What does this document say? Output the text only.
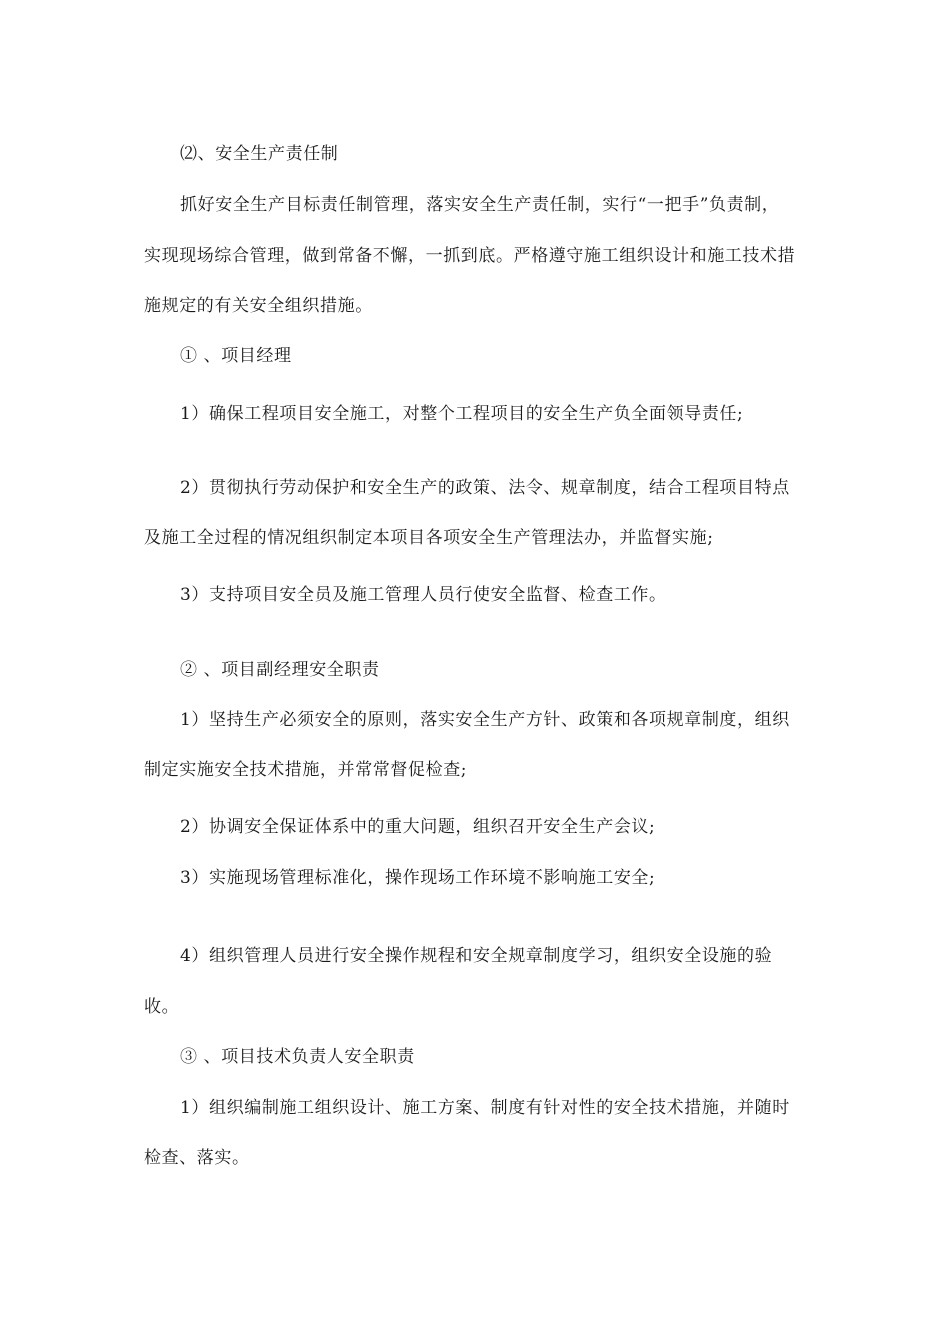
⑵、安全生产责任制
抓好安全生产目标责任制管理，落实安全生产责任制，实行“一把手”负责制，
实现现场综合管理，做到常备不懈，一抓到底。严格遵守施工组织设计和施工技术措
施规定的有关安全组织措施。
① 、项目经理
1）确保工程项目安全施工，对整个工程项目的安全生产负全面领导责任;
2）贯彻执行劳动保护和安全生产的政策、法令、规章制度，结合工程项目特点
及施工全过程的情况组织制定本项目各项安全生产管理法办，并监督实施;
3）支持项目安全员及施工管理人员行使安全监督、检查工作。
② 、项目副经理安全职责
1）坚持生产必须安全的原则，落实安全生产方针、政策和各项规章制度，组织
制定实施安全技术措施，并常常督促检查;
2）协调安全保证体系中的重大问题，组织召开安全生产会议;
3）实施现场管理标准化，操作现场工作环境不影响施工安全;
4）组织管理人员进行安全操作规程和安全规章制度学习，组织安全设施的验
收。
③ 、项目技术负责人安全职责
1）组织编制施工组织设计、施工方案、制度有针对性的安全技术措施，并随时
检查、落实。
